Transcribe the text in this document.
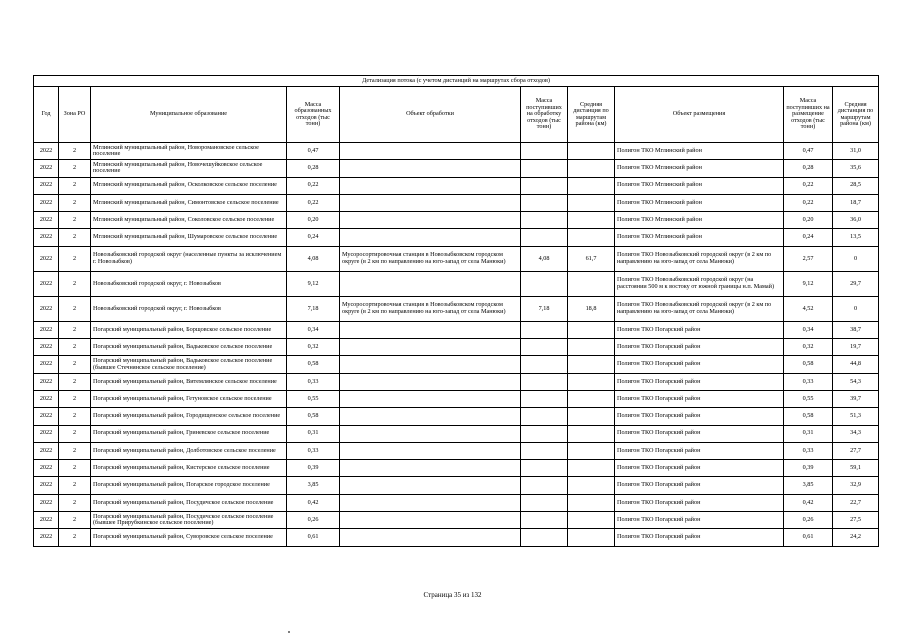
Детализация потока (с учетом дистанций на маршрутах сбора отходов)									
Год	Зона РО	Муниципальное образование	Масса образованных отходов (тыс тонн)	Объект обработки	Масса поступивших на обработку отходов (тыс тонн)	Средняя дистанция по маршрутам района (км)	Объект размещения	Масса поступивших на размещение отходов (тыс тонн)	Средняя дистанция по маршрутам района (км)
2022	2	Мглинский муниципальный район, Новоромановское сельское поселение	0,47				Полигон ТКО Мглинский район	0,47	31,0
2022	2	Мглинский муниципальный район, Новочешуйковское сельское поселение	0,28				Полигон ТКО Мглинский район	0,28	35,6
2022	2	Мглинский муниципальный район, Осколковское сельское поселение	0,22				Полигон ТКО Мглинский район	0,22	28,5
2022	2	Мглинский муниципальный район, Симонтовское сельское поселение	0,22				Полигон ТКО Мглинский район	0,22	18,7
2022	2	Мглинский муниципальный район, Соколовское сельское поселение	0,20				Полигон ТКО Мглинский район	0,20	36,0
2022	2	Мглинский муниципальный район, Шумаровское сельское поселение	0,24				Полигон ТКО Мглинский район	0,24	13,5
2022	2	Новозыбковский городской округ (населенные пункты за исключением г. Новозыбков)	4,08	Мусоросортировочная станция в Новозыбковском городском округе (в 2 км по направлению на юго-запад от села Манюки)	4,08	61,7	Полигон ТКО Новозыбковский городской округ (в 2 км по направлению на юго-запад от села Манюки)	2,57	0
2022	2	Новозыбковский городской округ, г. Новозыбков	9,12				Полигон ТКО Новозыбковский городской округ (на расстоянии 500 м к востоку от южной границы н.п. Мамай)	9,12	29,7
2022	2	Новозыбковский городской округ, г. Новозыбков	7,18	Мусоросортировочная станция в Новозыбковском городском округе (в 2 км по направлению на юго-запад от села Манюки)	7,18	18,8	Полигон ТКО Новозыбковский городской округ (в 2 км по направлению на юго-запад от села Манюки)	4,52	0
2022	2	Погарский муниципальный район, Борщовское сельское поселение	0,34				Полигон ТКО Погарский район	0,34	38,7
2022	2	Погарский муниципальный район, Вадьковское сельское поселение	0,32				Полигон ТКО Погарский район	0,32	19,7
2022	2	Погарский муниципальный район, Вадьковское сельское поселение (бывшее Стечнянское сельское поселение)	0,58				Полигон ТКО Погарский район	0,58	44,8
2022	2	Погарский муниципальный район, Витемлянское сельское поселение	0,33				Полигон ТКО Погарский район	0,33	54,3
2022	2	Погарский муниципальный район, Гетуновское сельское поселение	0,55				Полигон ТКО Погарский район	0,55	39,7
2022	2	Погарский муниципальный район, Городищенское сельское поселение	0,58				Полигон ТКО Погарский район	0,58	51,3
2022	2	Погарский муниципальный район, Гриневское сельское поселение	0,31				Полигон ТКО Погарский район	0,31	34,3
2022	2	Погарский муниципальный район, Долботовское сельское поселение	0,33				Полигон ТКО Погарский район	0,33	27,7
2022	2	Погарский муниципальный район, Кистерское сельское поселение	0,39				Полигон ТКО Погарский район	0,39	59,1
2022	2	Погарский муниципальный район, Погарское городское поселение	3,85				Полигон ТКО Погарский район	3,85	32,9
2022	2	Погарский муниципальный район, Посудичское сельское поселение	0,42				Полигон ТКО Погарский район	0,42	22,7
2022	2	Погарский муниципальный район, Посудичское сельское поселение (бывшее Прирубкинское сельское поселение)	0,26				Полигон ТКО Погарский район	0,26	27,5
2022	2	Погарский муниципальный район, Суворовское сельское поселение	0,61				Полигон ТКО Погарский район	0,61	24,2
Страница 35 из 132
